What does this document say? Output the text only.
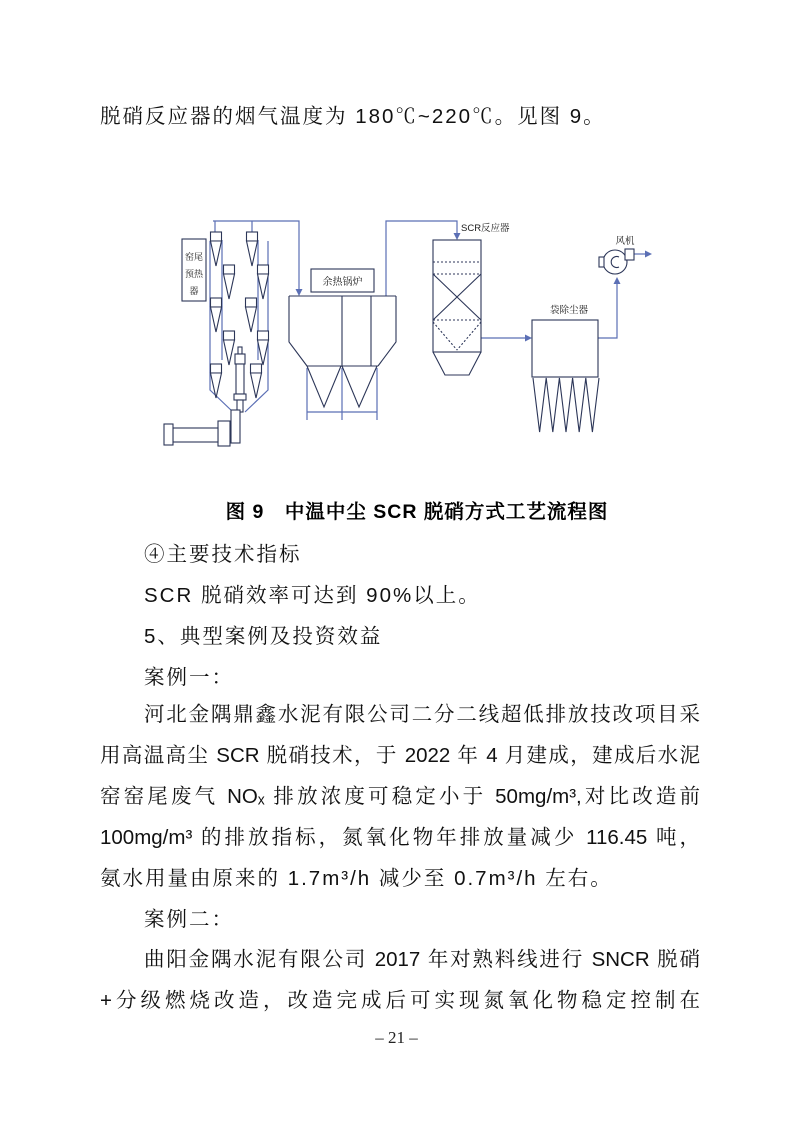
脱硝反应器的烟气温度为 180℃~220℃。见图 9。
窑尾
预热
器
余热锅炉
SCR反应器
袋除尘器
风机
图 9　中温中尘 SCR 脱硝方式工艺流程图
④主要技术指标
SCR 脱硝效率可达到 90%以上。
5、典型案例及投资效益
案例一：
河北金隅鼎鑫水泥有限公司二分二线超低排放技改项目采
用高温高尘 SCR 脱硝技术，于 2022 年 4 月建成，建成后水泥
窑窑尾废气 NOₓ 排放浓度可稳定小于 50mg/m³,对比改造前
100mg/m³ 的排放指标，氮氧化物年排放量减少 116.45 吨，
氨水用量由原来的 1.7m³/h 减少至 0.7m³/h 左右。
案例二：
曲阳金隅水泥有限公司 2017 年对熟料线进行 SNCR 脱硝
+分级燃烧改造，改造完成后可实现氮氧化物稳定控制在
– 21 –
